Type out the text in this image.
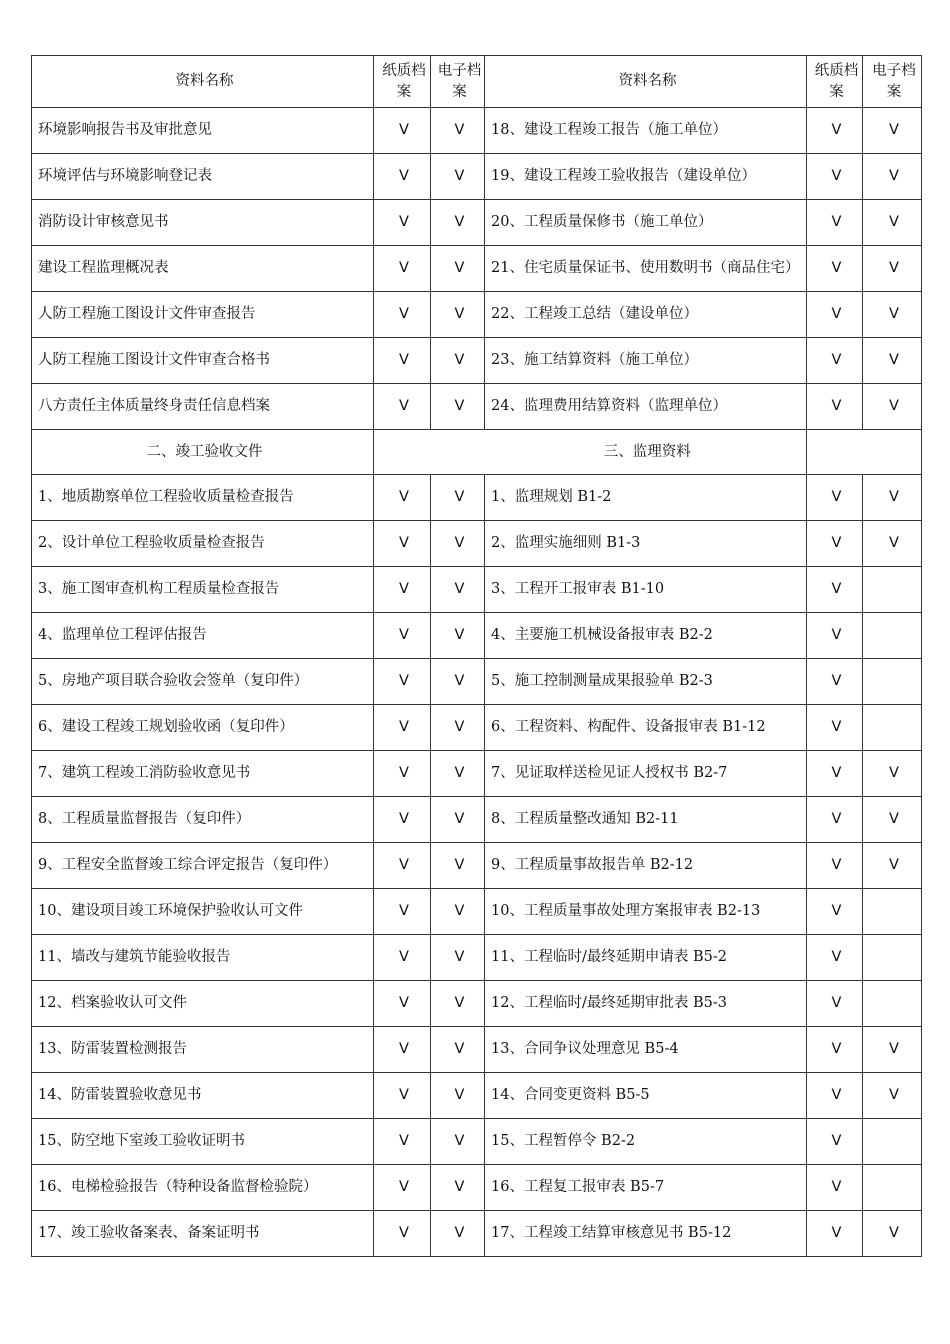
资料名称	纸质档案	电子档案	资料名称	纸质档案	电子档案
环境影响报告书及审批意见	V	V	18、建设工程竣工报告（施工单位）	V	V
环境评估与环境影响登记表	V	V	19、建设工程竣工验收报告（建设单位）	V	V
消防设计审核意见书	V	V	20、工程质量保修书（施工单位）	V	V
建设工程监理概况表	V	V	21、住宅质量保证书、使用数明书（商品住宅）	V	V
人防工程施工图设计文件审查报告	V	V	22、工程竣工总结（建设单位）	V	V
人防工程施工图设计文件审查合格书	V	V	23、施工结算资料（施工单位）	V	V
八方责任主体质量终身责任信息档案	V	V	24、监理费用结算资料（监理单位）	V	V
二、竣工验收文件			三、监理资料		
1、地质勘察单位工程验收质量检查报告	V	V	1、监理规划 B1-2	V	V
2、设计单位工程验收质量检查报告	V	V	2、监理实施细则 B1-3	V	V
3、施工图审查机构工程质量检查报告	V	V	3、工程开工报审表 B1-10	V	
4、监理单位工程评估报告	V	V	4、主要施工机械设备报审表 B2-2	V	
5、房地产项目联合验收会签单（复印件）	V	V	5、施工控制测量成果报验单 B2-3	V	
6、建设工程竣工规划验收函（复印件）	V	V	6、工程资料、构配件、设备报审表 B1-12	V	
7、建筑工程竣工消防验收意见书	V	V	7、见证取样送检见证人授权书 B2-7	V	V
8、工程质量监督报告（复印件）	V	V	8、工程质量整改通知 B2-11	V	V
9、工程安全监督竣工综合评定报告（复印件）	V	V	9、工程质量事故报告单 B2-12	V	V
10、建设项目竣工环境保护验收认可文件	V	V	10、工程质量事故处理方案报审表 B2-13	V	
11、墙改与建筑节能验收报告	V	V	11、工程临时/最终延期申请表 B5-2	V	
12、档案验收认可文件	V	V	12、工程临时/最终延期审批表 B5-3	V	
13、防雷装置检测报告	V	V	13、合同争议处理意见 B5-4	V	V
14、防雷装置验收意见书	V	V	14、合同变更资料 B5-5	V	V
15、防空地下室竣工验收证明书	V	V	15、工程暂停令 B2-2	V	
16、电梯检验报告（特种设备监督检验院）	V	V	16、工程复工报审表 B5-7	V	
17、竣工验收备案表、备案证明书	V	V	17、工程竣工结算审核意见书 B5-12	V	V
